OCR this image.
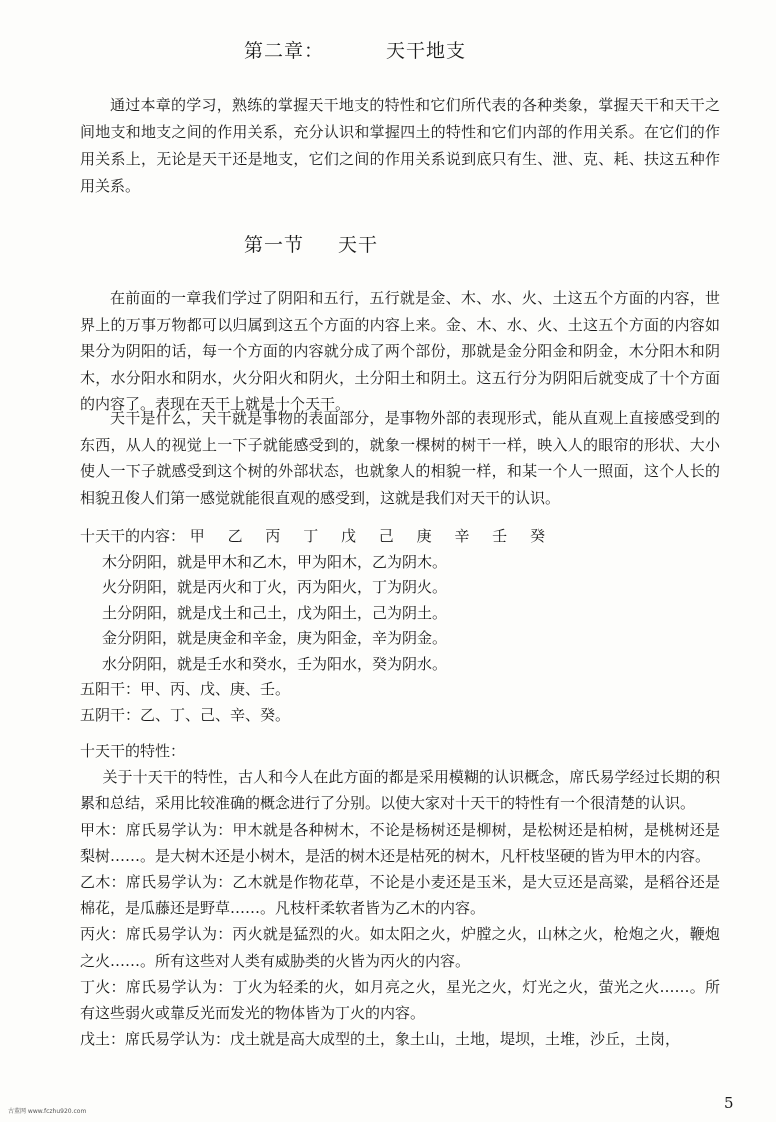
第二章：	天干地支
通过本章的学习，熟练的掌握天干地支的特性和它们所代表的各种类象，掌握天干和天干之间地支和地支之间的作用关系，充分认识和掌握四土的特性和它们内部的作用关系。在它们的作用关系上，无论是天干还是地支，它们之间的作用关系说到底只有生、泄、克、耗、扶这五种作用关系。
第一节 天干
在前面的一章我们学过了阴阳和五行，五行就是金、木、水、火、土这五个方面的内容，世界上的万事万物都可以归属到这五个方面的内容上来。金、木、水、火、土这五个方面的内容如果分为阴阳的话，每一个方面的内容就分成了两个部份，那就是金分阳金和阴金，木分阳木和阴木，水分阳水和阴水，火分阳火和阴火，土分阳土和阴土。这五行分为阴阳后就变成了十个方面的内容了。表现在天干上就是十个天干。
天干是什么，天干就是事物的表面部分，是事物外部的表现形式，能从直观上直接感受到的东西，从人的视觉上一下子就能感受到的，就象一棵树的树干一样，映入人的眼帘的形状、大小使人一下子就感受到这个树的外部状态，也就象人的相貌一样，和某一个人一照面，这个人长的相貌丑俊人们第一感觉就能很直观的感受到，这就是我们对天干的认识。
十天干的内容： 甲 乙 丙 丁 戊 己 庚 辛 壬 癸
木分阴阳，就是甲木和乙木，甲为阳木，乙为阴木。
火分阴阳，就是丙火和丁火，丙为阳火，丁为阴火。
土分阴阳，就是戊土和己土，戊为阳土，己为阴土。
金分阴阳，就是庚金和辛金，庚为阳金，辛为阴金。
水分阴阳，就是壬水和癸水，壬为阳水，癸为阴水。
五阳干：甲、丙、戊、庚、壬。
五阴干：乙、丁、己、辛、癸。
十天干的特性：
关于十天干的特性，古人和今人在此方面的都是采用模糊的认识概念，席氏易学经过长期的积累和总结，采用比较准确的概念进行了分别。以使大家对十天干的特性有一个很清楚的认识。
甲木：席氏易学认为：甲木就是各种树木，不论是杨树还是柳树，是松树还是柏树，是桃树还是梨树……。是大树木还是小树木，是活的树木还是枯死的树木，凡杆枝坚硬的皆为甲木的内容。
乙木：席氏易学认为：乙木就是作物花草，不论是小麦还是玉米，是大豆还是高粱，是稻谷还是棉花，是瓜藤还是野草……。凡枝杆柔软者皆为乙木的内容。
丙火：席氏易学认为：丙火就是猛烈的火。如太阳之火，炉膛之火，山林之火，枪炮之火，鞭炮之火……。所有这些对人类有威胁类的火皆为丙火的内容。
丁火：席氏易学认为：丁火为轻柔的火，如月亮之火，星光之火，灯光之火，萤光之火……。所有这些弱火或靠反光而发光的物体皆为丁火的内容。
戊土：席氏易学认为：戊土就是高大成型的土，象土山，土地，堤坝，土堆，沙丘，土岗，
古董网 www.fczhu920.com	5
